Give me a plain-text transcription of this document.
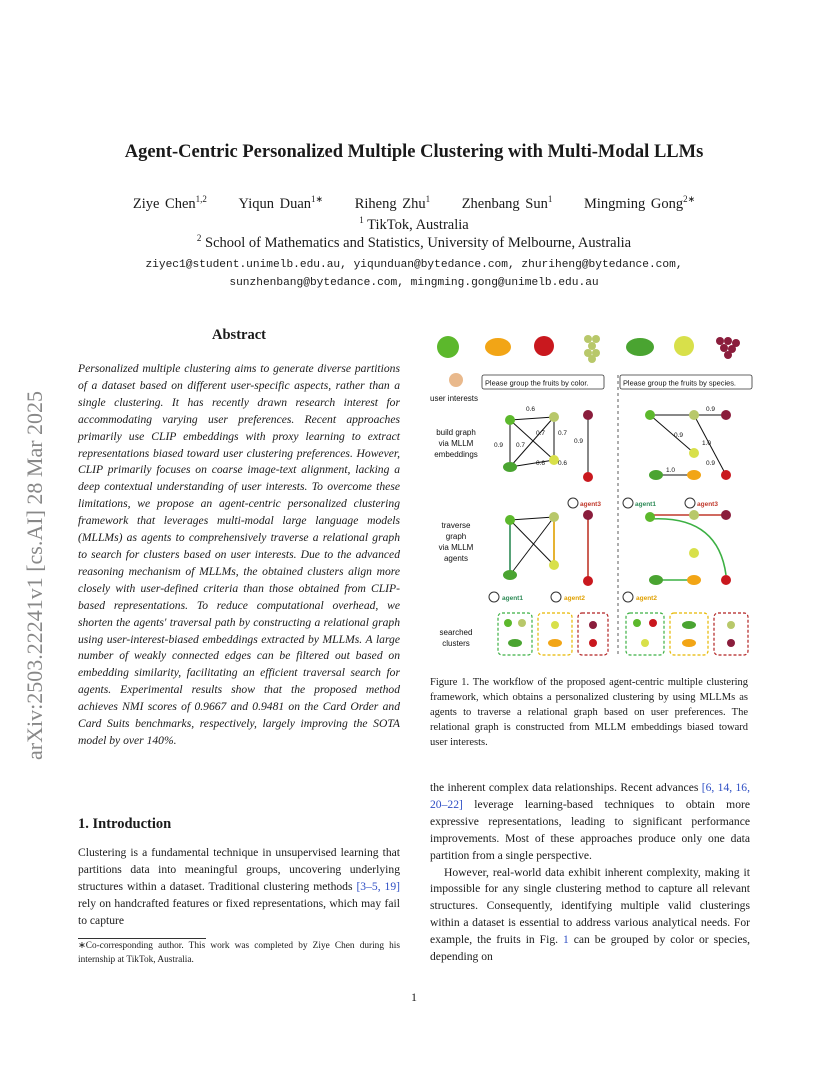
arXiv:2503.22241v1 [cs.AI] 28 Mar 2025
Agent-Centric Personalized Multiple Clustering with Multi-Modal LLMs
Ziye Chen$^{1,2}$ Yiqun Duan$^{1∗}$ Riheng Zhu$^1$ Zhenbang Sun$^1$ Mingming Gong$^{2∗}$
$^1$ TikTok, Australia
$^2$ School of Mathematics and Statistics, University of Melbourne, Australia
ziyec1@student.unimelb.edu.au, yiqunduan@bytedance.com, zhuriheng@bytedance.com,
sunzhenbang@bytedance.com, mingming.gong@unimelb.edu.au
Abstract
Personalized multiple clustering aims to generate diverse partitions of a dataset based on different user-specific aspects, rather than a single clustering. It has recently drawn research interest for accommodating varying user preferences. Recent approaches primarily use CLIP embeddings with proxy learning to extract representations biased toward user clustering preferences. However, CLIP primarily focuses on coarse image-text alignment, lacking a deep contextual understanding of user interests. To overcome these limitations, we propose an agent-centric personalized clustering framework that leverages multi-modal large language models (MLLMs) as agents to comprehensively traverse a relational graph to search for clusters based on user interests. Due to the advanced reasoning mechanism of MLLMs, the obtained clusters align more closely with user-defined criteria than those obtained from CLIP-based representations. To reduce computational overhead, we shorten the agents' traversal path by constructing a relational graph using user-interest-biased embeddings extracted by MLLMs. A large number of weakly connected edges can be filtered out based on embedding similarity, facilitating an efficient traversal search for agents. Experimental results show that the proposed method achieves NMI scores of 0.9667 and 0.9481 on the Card Order and Card Suits benchmarks, respectively, largely improving the SOTA model by over 140%.
1. Introduction
Clustering is a fundamental technique in unsupervised learning that partitions data into meaningful groups, uncovering underlying structures within a dataset. Traditional clustering methods [3–5, 19] rely on handcrafted features or fixed representations, which may fail to capture
∗Co-corresponding author. This work was completed by Ziye Chen during his internship at TikTok, Australia.
Please group the fruits by color.	Please group the fruits by species.
user interests
build graph
via MLLM
embeddings
0.6
0.9 0.7
0.7 0.7
0.9
0.6 0.6
0.9
0.9
1.0
1.0
0.9
agent3	agent1	agent3
traverse
graph
via MLLM
agents
agent1	agent2	agent2
searched
clusters
Figure 1. The workflow of the proposed agent-centric multiple clustering framework, which obtains a personalized clustering by using MLLMs as agents to traverse a relational graph based on user preferences. The relational graph is constructed from MLLM embeddings biased toward user interests.

the inherent complex data relationships. Recent advances [6, 14, 16, 20–22] leverage learning-based techniques to obtain more expressive representations, leading to significant performance improvements. Most of these approaches produce only one data partition from a single perspective.

However, real-world data exhibit inherent complexity, making it impossible for any single clustering method to capture all relevant structures. Consequently, identifying multiple valid clusterings within a dataset is essential to address various analytical needs. For example, the fruits in Fig. 1 can be grouped by color or species, depending on

1
